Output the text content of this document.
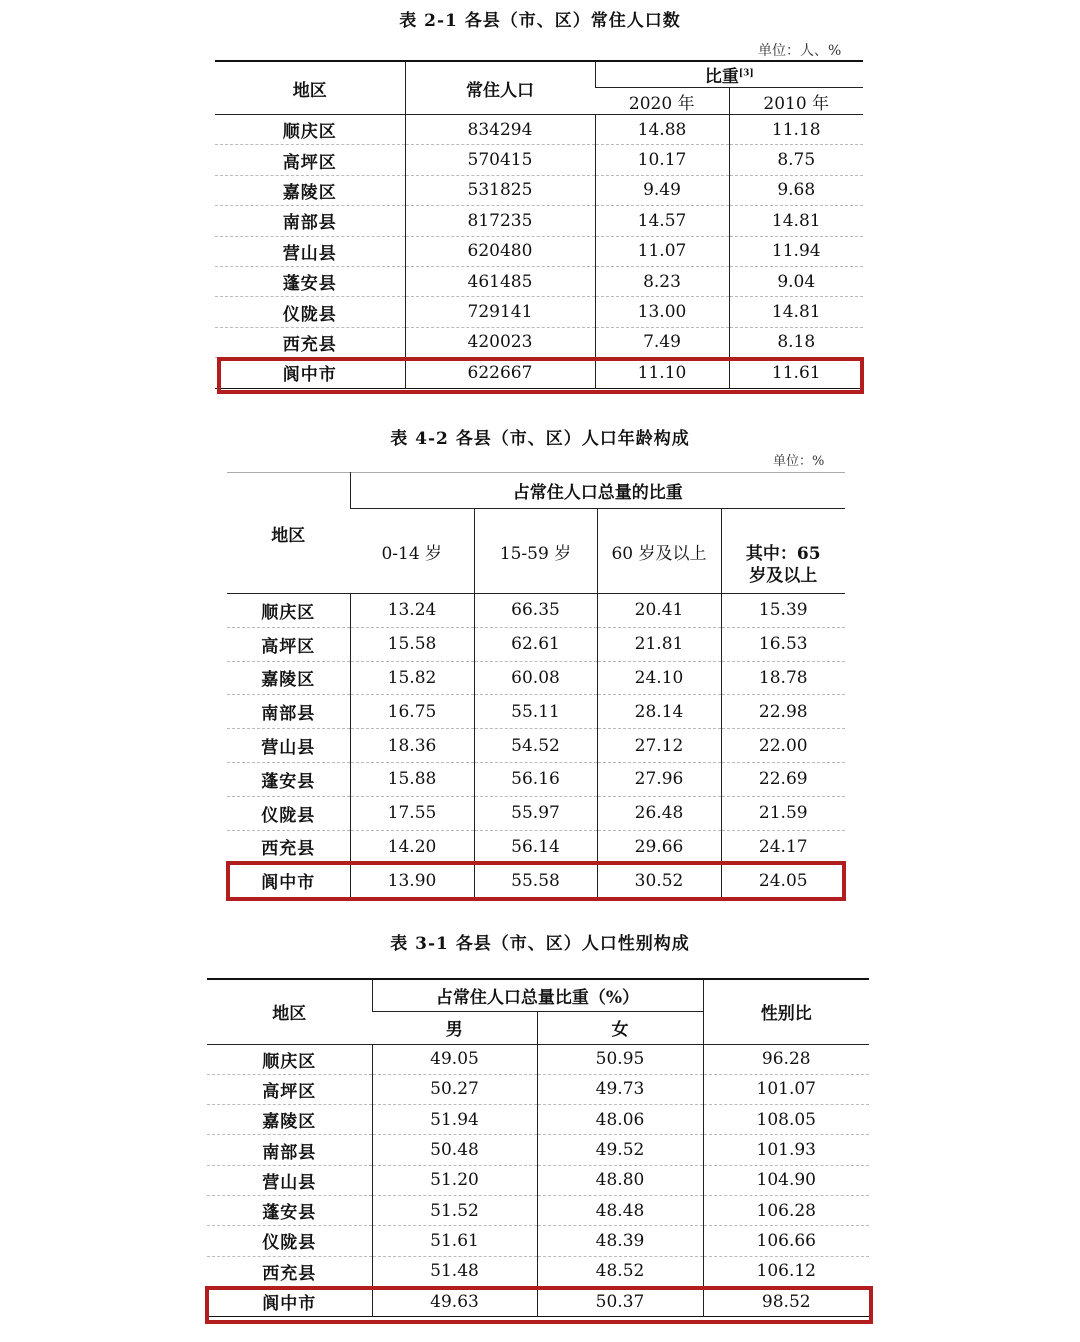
表 2-1 各县（市、区）常住人口数
单位：人、%
地区	常住人口	比重[3]
		2020 年	2010 年
顺庆区	834294	14.88	11.18
高坪区	570415	10.17	8.75
嘉陵区	531825	9.49	9.68
南部县	817235	14.57	14.81
营山县	620480	11.07	11.94
蓬安县	461485	8.23	9.04
仪陇县	729141	13.00	14.81
西充县	420023	7.49	8.18
阆中市	622667	11.10	11.61
表 4-2 各县（市、区）人口年龄构成
单位：%
地区	占常住人口总量的比重			
	0-14 岁	15-59 岁	60 岁及以上	其中：65 岁及以上
顺庆区	13.24	66.35	20.41	15.39
高坪区	15.58	62.61	21.81	16.53
嘉陵区	15.82	60.08	24.10	18.78
南部县	16.75	55.11	28.14	22.98
营山县	18.36	54.52	27.12	22.00
蓬安县	15.88	56.16	27.96	22.69
仪陇县	17.55	55.97	26.48	21.59
西充县	14.20	56.14	29.66	24.17
阆中市	13.90	55.58	30.52	24.05
表 3-1 各县（市、区）人口性别构成
地区	占常住人口总量比重（%）		性别比
	男	女	
顺庆区	49.05	50.95	96.28
高坪区	50.27	49.73	101.07
嘉陵区	51.94	48.06	108.05
南部县	50.48	49.52	101.93
营山县	51.20	48.80	104.90
蓬安县	51.52	48.48	106.28
仪陇县	51.61	48.39	106.66
西充县	51.48	48.52	106.12
阆中市	49.63	50.37	98.52
